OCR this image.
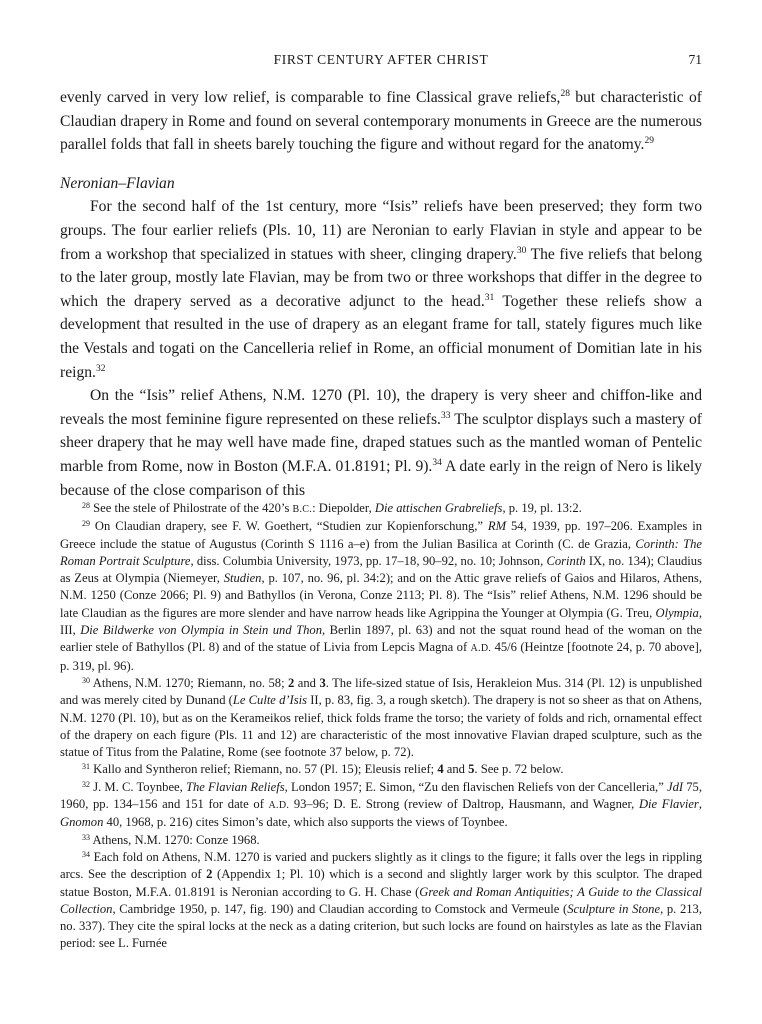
FIRST CENTURY AFTER CHRIST	71

evenly carved in very low relief, is comparable to fine Classical grave reliefs,$^{28}$ but characteristic of Claudian drapery in Rome and found on several contemporary monuments in Greece are the numerous parallel folds that fall in sheets barely touching the figure and without regard for the anatomy.$^{29}$

Neronian–Flavian

For the second half of the 1st century, more “Isis” reliefs have been preserved; they form two groups. The four earlier reliefs (Pls. 10, 11) are Neronian to early Flavian in style and appear to be from a workshop that specialized in statues with sheer, clinging drapery.$^{30}$ The five reliefs that belong to the later group, mostly late Flavian, may be from two or three workshops that differ in the degree to which the drapery served as a decorative adjunct to the head.$^{31}$ Together these reliefs show a development that resulted in the use of drapery as an elegant frame for tall, stately figures much like the Vestals and togati on the Cancelleria relief in Rome, an official monument of Domitian late in his reign.$^{32}$

On the “Isis” relief Athens, N.M. 1270 (Pl. 10), the drapery is very sheer and chiffon-like and reveals the most feminine figure represented on these reliefs.$^{33}$ The sculptor displays such a mastery of sheer drapery that he may well have made fine, draped statues such as the mantled woman of Pentelic marble from Rome, now in Boston (M.F.A. 01.8191; Pl. 9).$^{34}$ A date early in the reign of Nero is likely because of the close comparison of this

$^{28}$ See the stele of Philostrate of the 420’s B.C.: Diepolder, Die attischen Grabreliefs, p. 19, pl. 13:2.

$^{29}$ On Claudian drapery, see F. W. Goethert, “Studien zur Kopienforschung,” RM 54, 1939, pp. 197–206. Examples in Greece include the statue of Augustus (Corinth S 1116 a–e) from the Julian Basilica at Corinth (C. de Grazia, Corinth: The Roman Portrait Sculpture, diss. Columbia University, 1973, pp. 17–18, 90–92, no. 10; Johnson, Corinth IX, no. 134); Claudius as Zeus at Olympia (Niemeyer, Studien, p. 107, no. 96, pl. 34:2); and on the Attic grave reliefs of Gaios and Hilaros, Athens, N.M. 1250 (Conze 2066; Pl. 9) and Bathyllos (in Verona, Conze 2113; Pl. 8). The “Isis” relief Athens, N.M. 1296 should be late Claudian as the figures are more slender and have narrow heads like Agrippina the Younger at Olympia (G. Treu, Olympia, III, Die Bildwerke von Olympia in Stein und Thon, Berlin 1897, pl. 63) and not the squat round head of the woman on the earlier stele of Bathyllos (Pl. 8) and of the statue of Livia from Lepcis Magna of A.D. 45/6 (Heintze [footnote 24, p. 70 above], p. 319, pl. 96).

$^{30}$ Athens, N.M. 1270; Riemann, no. 58; 2 and 3. The life-sized statue of Isis, Herakleion Mus. 314 (Pl. 12) is unpublished and was merely cited by Dunand (Le Culte d’Isis II, p. 83, fig. 3, a rough sketch). The drapery is not so sheer as that on Athens, N.M. 1270 (Pl. 10), but as on the Kerameikos relief, thick folds frame the torso; the variety of folds and rich, ornamental effect of the drapery on each figure (Pls. 11 and 12) are characteristic of the most innovative Flavian draped sculpture, such as the statue of Titus from the Palatine, Rome (see footnote 37 below, p. 72).

$^{31}$ Kallo and Syntheron relief; Riemann, no. 57 (Pl. 15); Eleusis relief; 4 and 5. See p. 72 below.

$^{32}$ J. M. C. Toynbee, The Flavian Reliefs, London 1957; E. Simon, “Zu den flavischen Reliefs von der Cancelleria,” JdI 75, 1960, pp. 134–156 and 151 for date of A.D. 93–96; D. E. Strong (review of Daltrop, Hausmann, and Wagner, Die Flavier, Gnomon 40, 1968, p. 216) cites Simon’s date, which also supports the views of Toynbee.

$^{33}$ Athens, N.M. 1270: Conze 1968.

$^{34}$ Each fold on Athens, N.M. 1270 is varied and puckers slightly as it clings to the figure; it falls over the legs in rippling arcs. See the description of 2 (Appendix 1; Pl. 10) which is a second and slightly larger work by this sculptor. The draped statue Boston, M.F.A. 01.8191 is Neronian according to G. H. Chase (Greek and Roman Antiquities; A Guide to the Classical Collection, Cambridge 1950, p. 147, fig. 190) and Claudian according to Comstock and Vermeule (Sculpture in Stone, p. 213, no. 337). They cite the spiral locks at the neck as a dating criterion, but such locks are found on hairstyles as late as the Flavian period: see L. Furnée
